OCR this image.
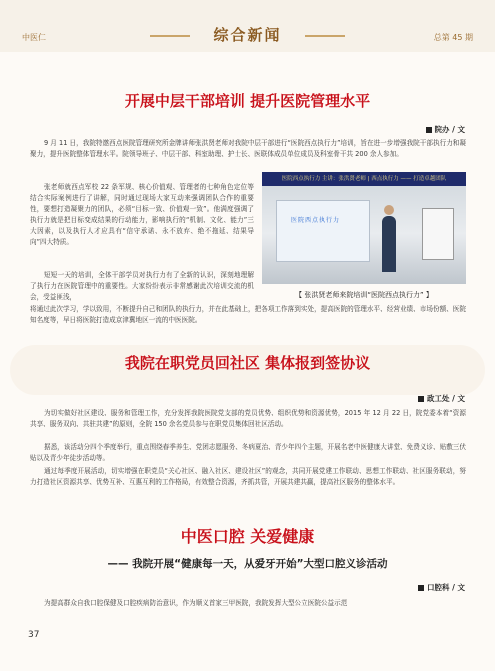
中医仁	综合新闻	总第 45 期
开展中层干部培训 提升医院管理水平
院办 / 文
9 月 11 日，我院特邀西点医院管理研究所金牌讲师张洪贤老师对我院中层干部进行“医院西点执行力”培训，旨在进一步增强我院干部执行力和凝聚力，提升医院整体管理水平。院领导班子、中层干部、科室助理、护士长、医联体成员单位成员及科室骨干共 200 余人参加。
张老师就西点军校 22 条军规、核心价值观、管理者的七种角色定位等结合实际案例进行了讲解，同时通过现场大家互动来强调团队合作的重要性，要想打造凝聚力的团队，必须“目标一致、价值观一致”。他满度强调了执行力就是把目标变成结果的行动能力，影响执行的“机制、文化、能力”三大因素，以及执行人才应具有“信守承诺、永不放弃、绝不拖延、结果导向”四大特质。
短短一天的培训，全体干部学员对执行力有了全新的认识，深刻地理解了执行力在医院管理中的重要性。大家纷纷表示非常感谢此次培训交流的机会，受益匪浅，
将通过此次学习，学以致用，不断提升自己和团队的执行力，并在此基础上，把各项工作落到实处，提高医院的管理水平、经营业绩、市场份额、医院知名度等，早日将医院打造成京津冀地区一流的中医医院。
医院西点执行力 主讲：张洪贤老师 | 西点执行力 —— 打造卓越团队
医院西点执行力
【 张洪贤老师来院培训“医院西点执行力” 】
我院在职党员回社区 集体报到签协议
政工处 / 文
为切实做好社区建设、服务和管理工作，充分发挥我院医院党支部的党员优势、组织优势和资源优势，2015 年 12 月 22 日，院党委本着“资源共享、服务双向、共驻共建”的原则，全院 150 余名党员参与在职党员集体回社区活动。
据悉，该活动分四个季度举行，重点围绕春季养生、党团志愿服务、冬病夏治、青少年四个主题，开展名老中医健康大讲堂、免费义诊、贴敷三伏贴以及青少年徒步活动等。
通过每季度开展活动，切实增强在职党员“关心社区、融入社区、建设社区”的观念，共同开展党建工作联动、思想工作联动、社区服务联动，努力打造社区资源共享、优势互补、互惠互利的工作格局，有效整合资源，齐抓共管，开展共建共赢，提高社区服务的整体水平。
中医口腔 关爱健康
—— 我院开展“健康每一天，从爱牙开始”大型口腔义诊活动
口腔科 / 文
为提高群众自我口腔保健及口腔疾病防治意识，作为顺义首家三甲医院，我院发挥大型公立医院公益示范
37
